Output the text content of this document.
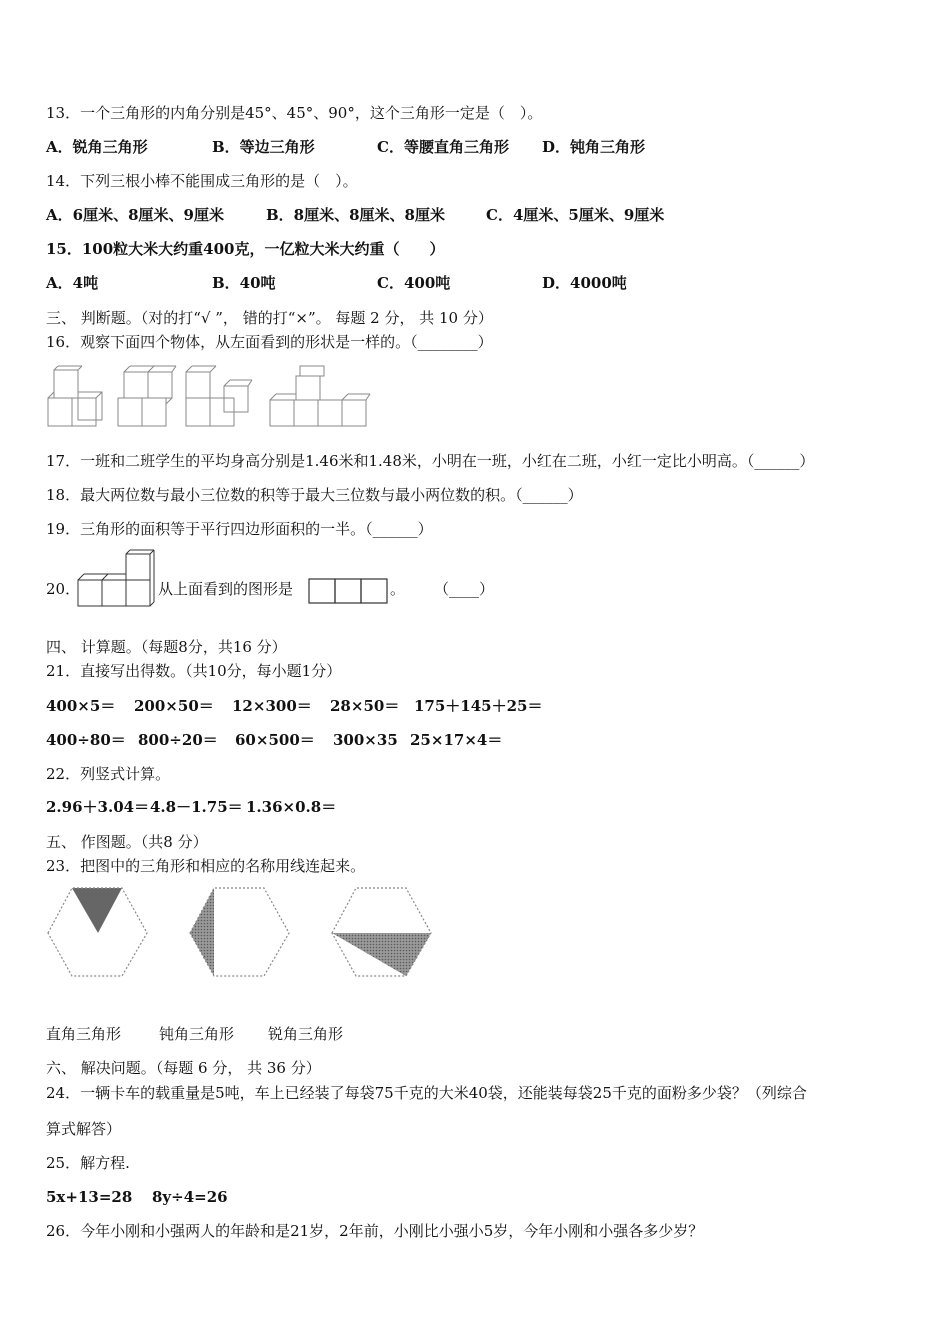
13．一个三角形的内角分别是45°、45°、90°，这个三角形一定是（　）。
A．锐角三角形	B．等边三角形	C．等腰直角三角形 D．钝角三角形
14．下列三根小棒不能围成三角形的是（　）。
A．6厘米、8厘米、9厘米	B．8厘米、8厘米、8厘米	C．4厘米、5厘米、9厘米
15．100粒大米大约重400克，一亿粒大米大约重（　　）
A．4吨	B．40吨	C．400吨	D．4000吨
三、 判断题。（对的打“√ ”， 错的打“×”。 每题 2 分， 共 10 分）
16．观察下面四个物体，从左面看到的形状是一样的。（________）
17．一班和二班学生的平均身高分别是1.46米和1.48米，小明在一班，小红在二班，小红一定比小明高。（______）
18．最大两位数与最小三位数的积等于最大三位数与最小两位数的积。（______）
19．三角形的面积等于平行四边形面积的一半。（______）
20．	从上面看到的图形是	。 （____）
四、 计算题。（每题8分，共16 分）
21．直接写出得数。（共10分，每小题1分）
400×5＝ 200×50＝ 12×300＝ 28×50＝ 175＋145＋25＝
400÷80＝ 800÷20＝ 60×500＝ 300×35 25×17×4＝
22．列竖式计算。
2.96＋3.04＝ 4.8－1.75＝ 1.36×0.8＝
五、 作图题。（共8 分）
23．把图中的三角形和相应的名称用线连起来。
直角三角形	钝角三角形 锐角三角形
六、 解决问题。（每题 6 分， 共 36 分）
24．一辆卡车的载重量是5吨，车上已经装了每袋75千克的大米40袋，还能装每袋25千克的面粉多少袋？（列综合
算式解答）
25．解方程.
5x+13=28 8y÷4=26
26．今年小刚和小强两人的年龄和是21岁，2年前，小刚比小强小5岁，今年小刚和小强各多少岁？
